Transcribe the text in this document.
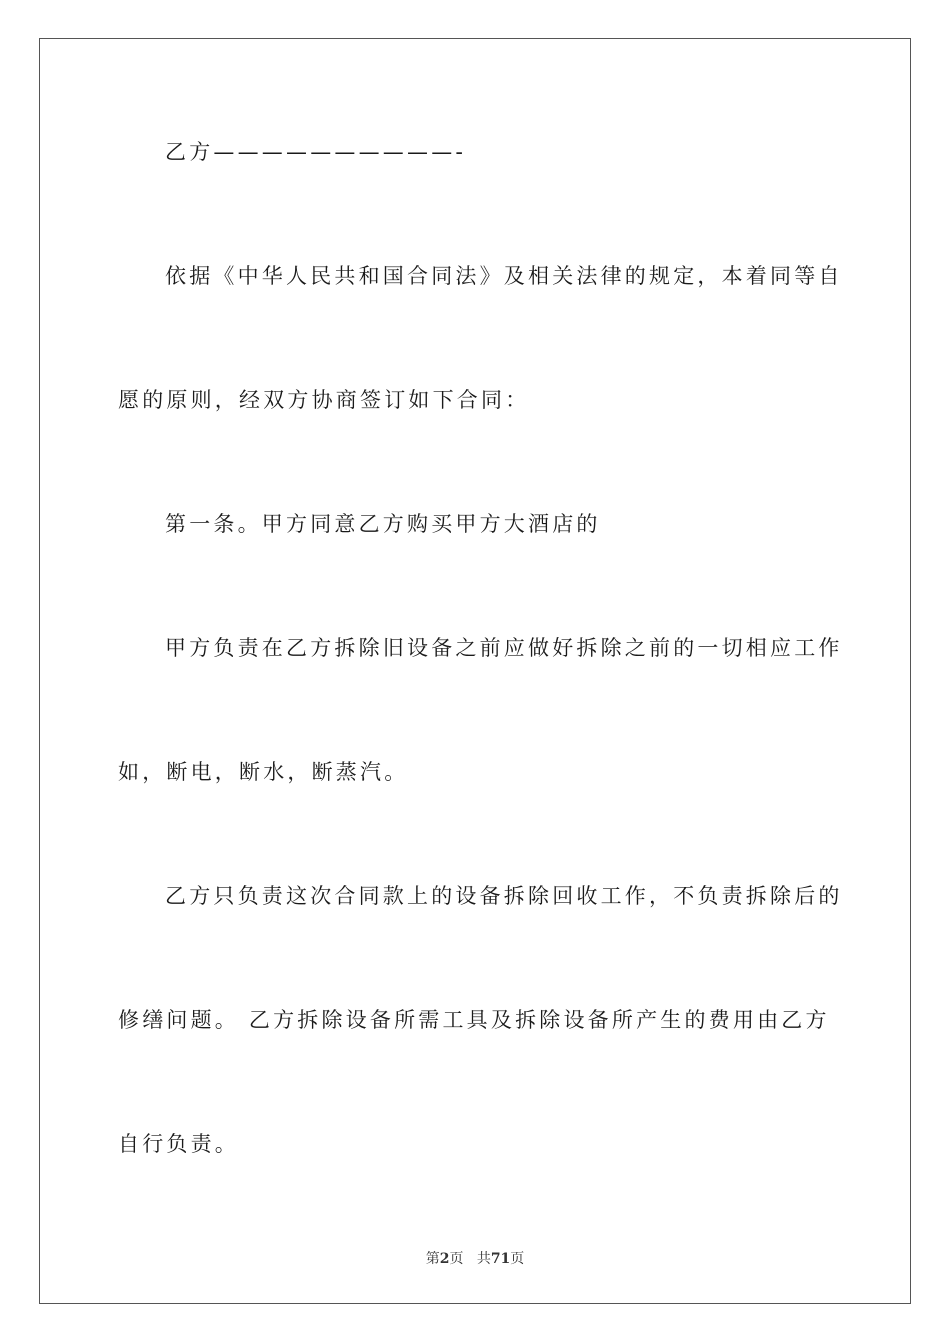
乙方——————————-
依据《中华人民共和国合同法》及相关法律的规定，本着同等自
愿的原则，经双方协商签订如下合同：
第一条。甲方同意乙方购买甲方大酒店的
甲方负责在乙方拆除旧设备之前应做好拆除之前的一切相应工作
如，断电，断水，断蒸汽。
乙方只负责这次合同款上的设备拆除回收工作，不负责拆除后的
修缮问题。 乙方拆除设备所需工具及拆除设备所产生的费用由乙方
自行负责。
第2页 共71页
